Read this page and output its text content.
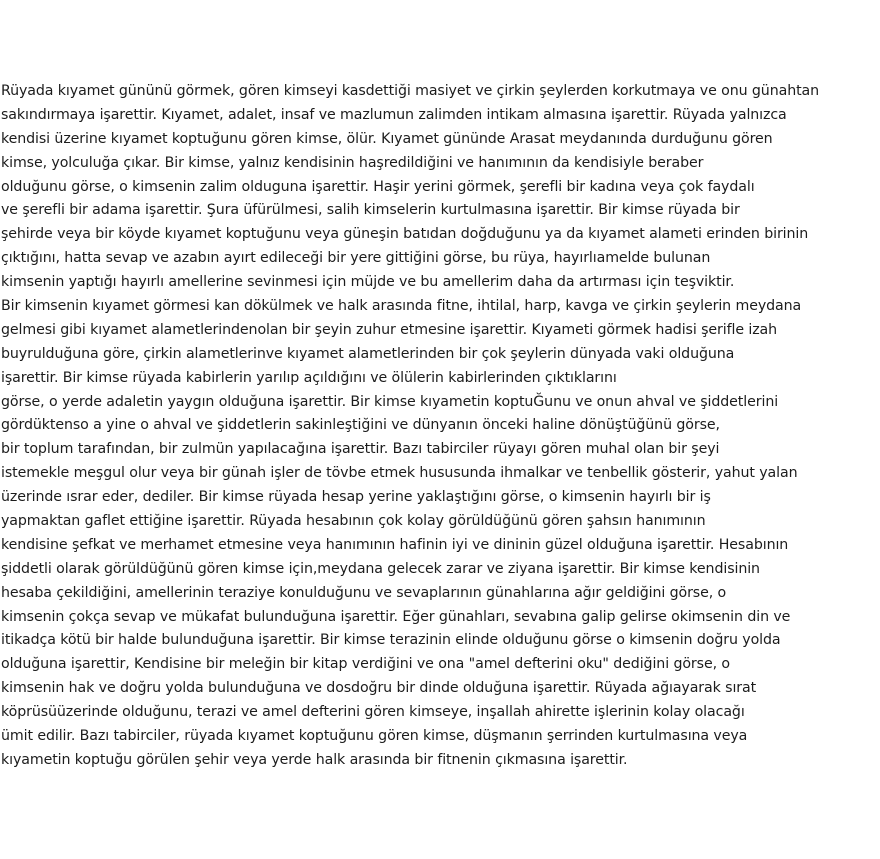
Rüyada kıyamet gününü görmek, gören kimseyi kasdettiği masiyet ve çirkin şeylerden korkutmaya ve onu günahtan
sakındırmaya işarettir. Kıyamet, adalet, insaf ve mazlumun zalimden intikam almasına işarettir. Rüyada yalnızca
kendisi üzerine kıyamet koptuğunu gören kimse, ölür. Kıyamet gününde Arasat meydanında durduğunu gören
kimse, yolculuğa çıkar. Bir kimse, yalnız kendisinin haşredildiğini ve hanımının da kendisiyle beraber
olduğunu görse, o kimsenin zalim olduguna işarettir. Haşir yerini görmek, şerefli bir kadına veya çok faydalı
ve şerefli bir adama işarettir. Şura üfürülmesi, salih kimselerin kurtulmasına işarettir. Bir kimse rüyada bir
şehirde veya bir köyde kıyamet koptuğunu veya güneşin batıdan doğduğunu ya da kıyamet alameti erinden birinin
çıktığını, hatta sevap ve azabın ayırt edileceği bir yere gittiğini görse, bu rüya, hayırlıamelde bulunan
kimsenin yaptığı hayırlı amellerine sevinmesi için müjde ve bu amellerim daha da artırması için teşviktir.
Bir kimsenin kıyamet görmesi kan dökülmek ve halk arasında fitne, ihtilal, harp, kavga ve çirkin şeylerin meydana
gelmesi gibi kıyamet alametlerindenolan bir şeyin zuhur etmesine işarettir. Kıyameti görmek hadisi şerifle izah
buyrulduğuna göre, çirkin alametlerinve kıyamet alametlerinden bir çok şeylerin dünyada vaki olduğuna
işarettir. Bir kimse rüyada kabirlerin yarılıp açıldığını ve ölülerin kabirlerinden çıktıklarını
görse, o yerde adaletin yaygın olduğuna işarettir. Bir kimse kıyametin koptuĞunu ve onun ahval ve şiddetlerini
gördüktenso a yine o ahval ve şiddetlerin sakinleştiğini ve dünyanın önceki haline dönüştüğünü görse,
bir toplum tarafından, bir zulmün yapılacağına işarettir. Bazı tabirciler rüyayı gören muhal olan bir şeyi
istemekle meşgul olur veya bir günah işler de tövbe etmek hususunda ihmalkar ve tenbellik gösterir, yahut yalan
üzerinde ısrar eder, dediler. Bir kimse rüyada hesap yerine yaklaştığını görse, o kimsenin hayırlı bir iş
yapmaktan gaflet ettiğine işarettir. Rüyada hesabının çok kolay görüldüğünü gören şahsın hanımının
kendisine şefkat ve merhamet etmesine veya hanımının hafinin iyi ve dininin güzel olduğuna işarettir. Hesabının
şiddetli olarak görüldüğünü gören kimse için,meydana gelecek zarar ve ziyana işarettir. Bir kimse kendisinin
hesaba çekildiğini, amellerinin teraziye konulduğunu ve sevaplarının günahlarına ağır geldiğini görse, o
kimsenin çokça sevap ve mükafat bulunduğuna işarettir. Eğer günahları, sevabına galip gelirse okimsenin din ve
itikadça kötü bir halde bulunduğuna işarettir. Bir kimse terazinin elinde olduğunu görse o kimsenin doğru yolda
olduğuna işarettir, Kendisine bir meleğin bir kitap verdiğini ve ona "amel defterini oku" dediğini görse, o
kimsenin hak ve doğru yolda bulunduğuna ve dosdoğru bir dinde olduğuna işarettir. Rüyada ağıayarak sırat
köprüsüüzerinde olduğunu, terazi ve amel defterini gören kimseye, inşallah ahirette işlerinin kolay olacağı
ümit edilir. Bazı tabirciler, rüyada kıyamet koptuğunu gören kimse, düşmanın şerrinden kurtulmasına veya
kıyametin koptuğu görülen şehir veya yerde halk arasında bir fitnenin çıkmasına işarettir.
